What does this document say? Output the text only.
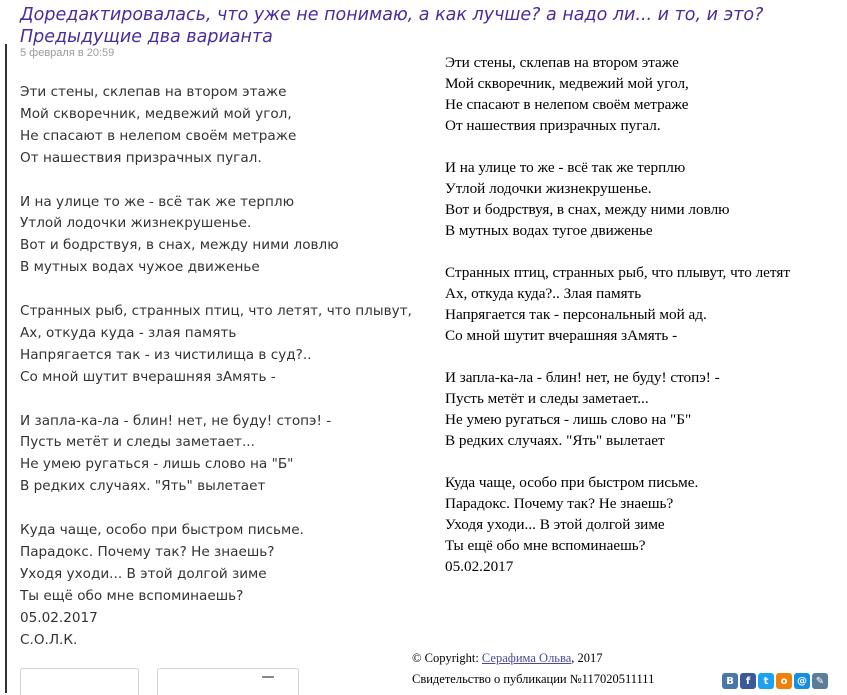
Доредактировалась, что уже не понимаю, а как лучше? а надо ли... и то, и это?
Предыдущие два варианта
5 февраля в 20:59
Эти стены, склепав на втором этаже
Мой скворечник, медвежий мой угол,
Не спасают в нелепом своём метраже
От нашествия призрачных пугал.
И на улице то же - всё так же терплю
Утлой лодочки жизнекрушенье.
Вот и бодрствуя, в снах, между ними ловлю
В мутных водах чужое движенье
Странных рыб, странных птиц, что летят, что плывут,
Ах, откуда куда - злая память
Напрягается так - из чистилища в суд?..
Со мной шутит вчерашняя зАмять -
И запла-ка-ла - блин! нет, не буду! стопэ! -
Пусть метёт и следы заметает...
Не умею ругаться - лишь слово на "Б"
В редких случаях. "Ять" вылетает
Куда чаще, особо при быстром письме.
Парадокс. Почему так? Не знаешь?
Уходя уходи... В этой долгой зиме
Ты ещё обо мне вспоминаешь?
05.02.2017
С.О.Л.К.
Эти стены, склепав на втором этаже
Мой скворечник, медвежий мой угол,
Не спасают в нелепом своём метраже
От нашествия призрачных пугал.
И на улице то же - всё так же терплю
Утлой лодочки жизнекрушенье.
Вот и бодрствуя, в снах, между ними ловлю
В мутных водах тугое движенье
Странных птиц, странных рыб, что плывут, что летят
Ах, откуда куда?.. Злая память
Напрягается так - персональный мой ад.
Со мной шутит вчерашняя зАмять -
И запла-ка-ла - блин! нет, не буду! стопэ! -
Пусть метёт и следы заметает...
Не умею ругаться - лишь слово на "Б"
В редких случаях. "Ять" вылетает
Куда чаще, особо при быстром письме.
Парадокс. Почему так? Не знаешь?
Уходя уходи... В этой долгой зиме
Ты ещё обо мне вспоминаешь?
05.02.2017
© Copyright: Серафима Ольва, 2017
Свидетельство о публикации №117020511111	B	f	t	o @ ✎
